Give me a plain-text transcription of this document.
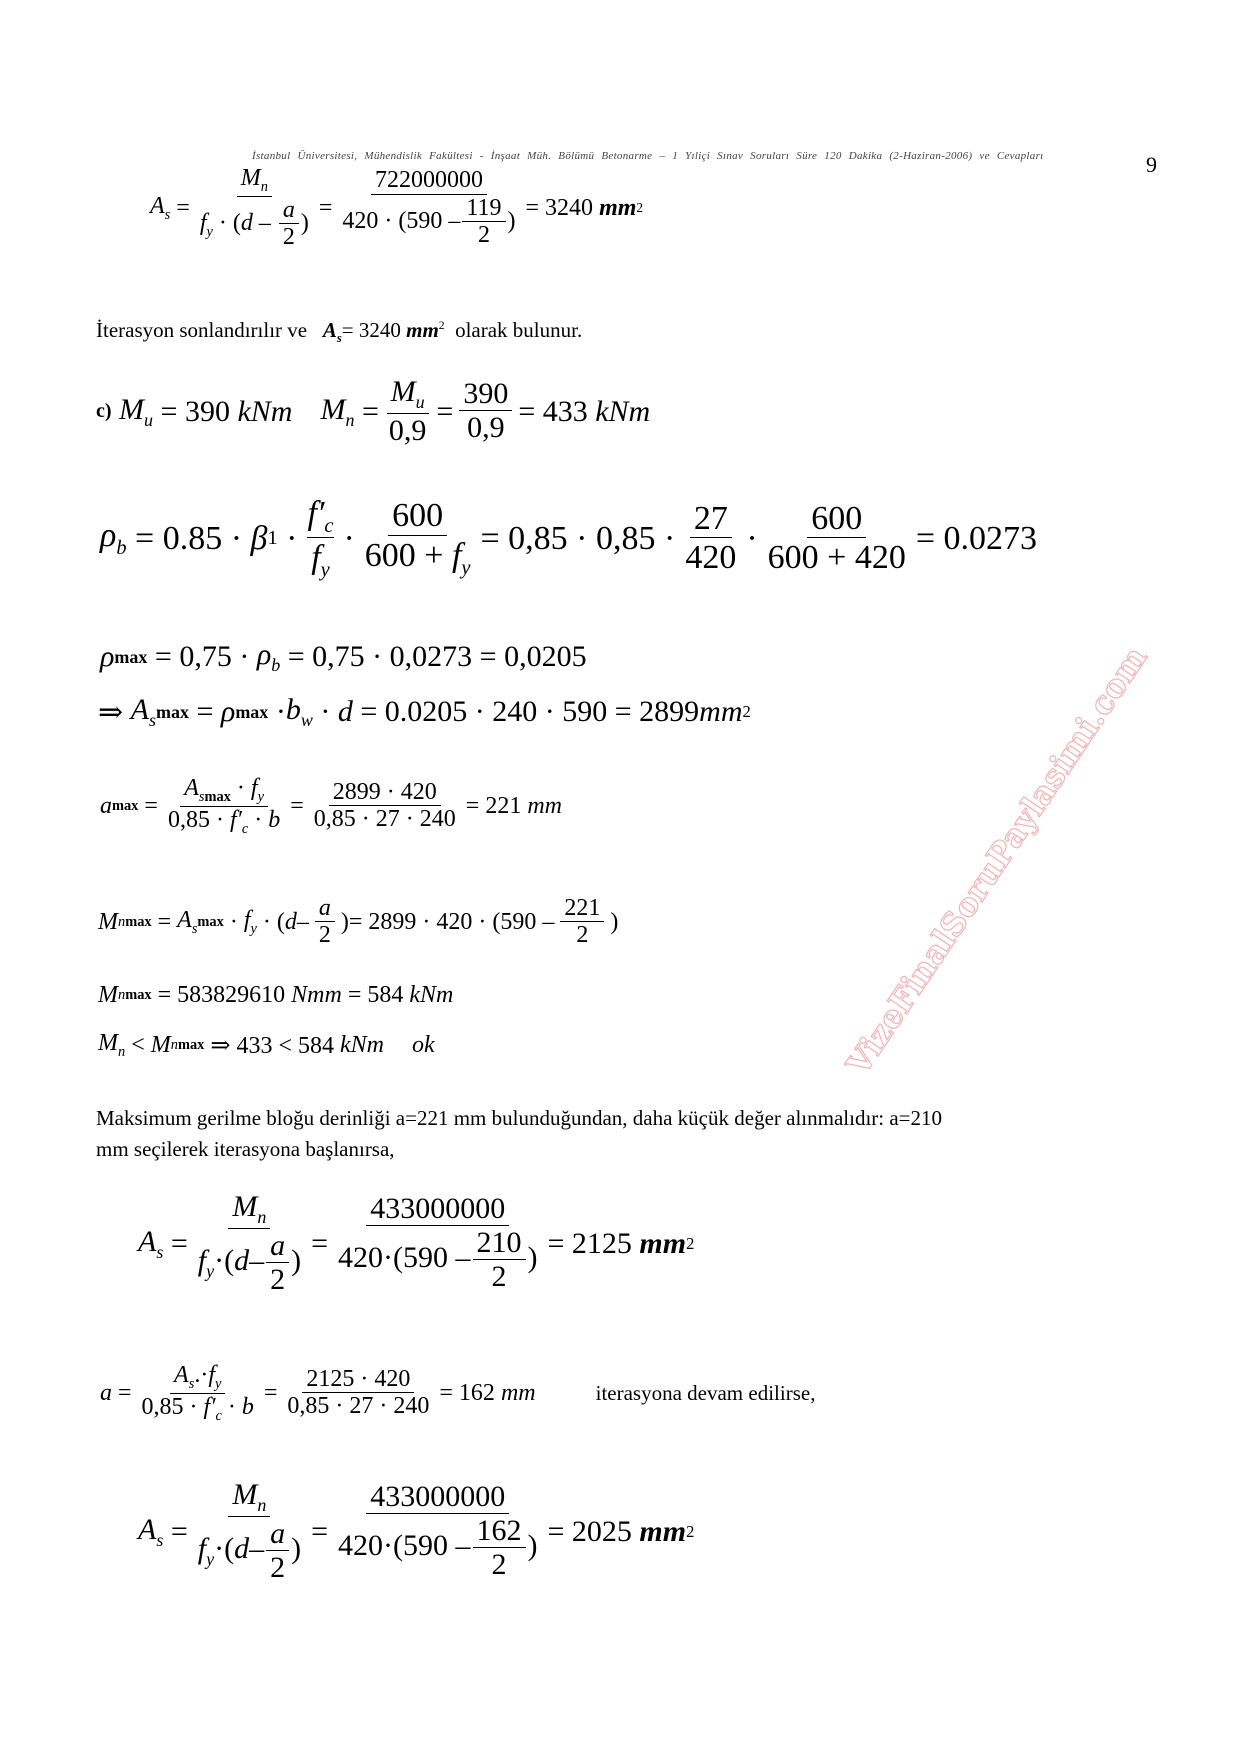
İstanbul Üniversitesi, Mühendislik Fakültesi - İnşaat Müh. Bölümü Betonarme – 1 Yıliçi Sınav Soruları Süre 120 Dakika (2-Haziran-2006) ve Cevapları	9
VizeFinalSoruPaylasimi.com
$A_s$ =
$M_n$
$f_y \cdot (d - \frac{a}{2}$ )
= $\frac{722000000}{420 \cdot (590 - \frac{119}{2} )} = 3240$
mm 2
İterasyon sonlandırılır ve $A_s= 3240$ $mm^2$ olarak bulunur.
c)
$M_u$
= 390
kNm $M_n$ =
$M_u$
0,9
= $\frac{390}{0,9} = 433$
kNm
$\rho_b$
= 0.85 ·
β 1 ·
$f'_c$
$f_y$
· $\frac{600}{600 + f_y} = 0,85 \cdot 0,85$ ·
27
420
· $\frac{600}{600 + 420} = 0.0273$
ρ max
= 0,75 ·
$\rho_b$
= 0,75 · 0,0273 = 0,0205
⇒ $A_s$ max = ρ $\max \cdot b_w \cdot d$
= 0.0205 · 240 · 590 = 2899 mm 2
a max =
$A_{smax} \cdot f_y$
$0,85 \cdot f'_c \cdot b$
= $\frac{2899 \cdot 420}{0,85 \cdot 27 \cdot 240} = 221$
mm
M $nmax = A_s$ $\max \cdot f_y$ · ( d – $\frac{a}{2}$ ) = 2899 · 420 · (590 –
221
2
)
M nmax
= 583829610
Nmm
= 584
kNm
$M_n < M$ nmax
⇒ 433 < 584
kNm ok
Maksimum gerilme bloğu derinliği a=221 mm bulunduğundan, daha küçük değer alınmalıdır: a=210
mm seçilerek iterasyona başlanırsa,
$A_s$ =
$M_n$
$f_y\cdot(d- \frac{a}{2}$ )
= $\frac{433000000}{420\cdot(590 - \frac{210}{2} )} = 2125$
mm 2
a =
$A_s.\cdot f_y$
$0,85 \cdot f'_c \cdot b$
= $\frac{2125 \cdot 420}{0,85 \cdot 27 \cdot 240} = 162$
mm	iterasyona devam edilirse,
$A_s$ =
$M_n$
$f_y\cdot(d- \frac{a}{2}$ )
= $\frac{433000000}{420\cdot(590 - \frac{162}{2} )} = 2025$
mm 2
